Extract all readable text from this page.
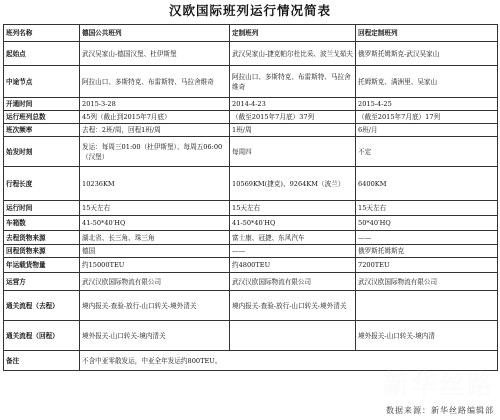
汉欧国际班列运行情况简表
班列名称	德国公共班列	定制班列	回程定制班列
起始点	武汉吴家山-德国汉堡、杜伊斯堡	武汉吴家山-捷克帕尔杜比采、波兰戈茹夫	俄罗斯托姆斯克-武汉吴家山
中途节点	阿拉山口、多斯特克、布雷斯特、马拉舍维奇	阿拉山口、多斯特克、布雷斯特、马拉舍维奇	托姆斯克、满洲里、吴家山
开通时间	2015-3-28	2014-4-23	2015-4-25
运行班列总数	45列（截止到2015年7月底）	（截至2015年7月底）37列	（截至2015年7月底）17列
班次频率	去程：2班/周，回程1班/周	1班/周	6班/月
始发时刻	发运：每周三01:00（杜伊斯堡）、每周五06:00（汉堡）	每周四	不定
行程长度	10236KM	10569KM(捷克)、9264KM（波兰）	6400KM
运行时间	15天左右	15天左右	15天左右
车箱数	41-50*40′HQ	41-50*40′HQ	50*40′HQ
去程货物来源	湖北省、长三角、珠三角	富士康、冠捷、东风汽车	——
回程货物来源	德国	——	俄罗斯托姆斯克
年运载货物量	约15000TEU	约4800TEU	7200TEU
运营方	武汉汉欧国际物流有限公司	武汉汉欧国际物流有限公司	武汉汉欧国际物流有限公司
通关流程（去程）	境内报关-查验-放行-山口转关-境外清关	境内报关-查验-放行-山口转关-境外清关	
通关流程（回程）	境外报关-山口转关-境内清关		境外报关-山口转关-境内清
备注	不含中亚零散发运，中亚全年发运约800TEU。		
新华丝路
数据来源：新华丝路编辑部
